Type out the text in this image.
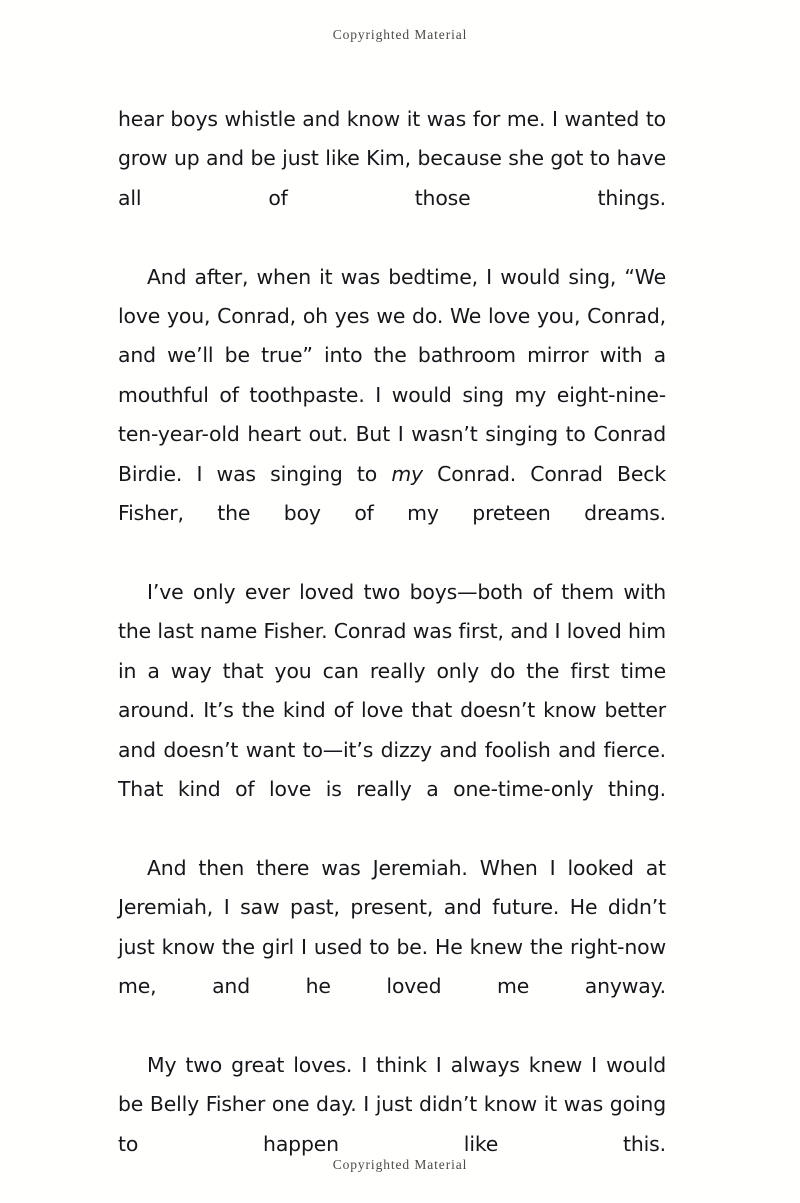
Copyrighted Material

hear boys whistle and know it was for me. I wanted to grow up and be just like Kim, because she got to have all of those things.

And after, when it was bedtime, I would sing, “We love you, Conrad, oh yes we do. We love you, Conrad, and we’ll be true” into the bathroom mirror with a mouthful of toothpaste. I would sing my eight-nine-ten-year-old heart out. But I wasn’t singing to Conrad Birdie. I was singing to my Conrad. Conrad Beck Fisher, the boy of my preteen dreams.

I’ve only ever loved two boys—both of them with the last name Fisher. Conrad was first, and I loved him in a way that you can really only do the first time around. It’s the kind of love that doesn’t know better and doesn’t want to—it’s dizzy and foolish and fierce. That kind of love is really a one-time-only thing.

And then there was Jeremiah. When I looked at Jeremiah, I saw past, present, and future. He didn’t just know the girl I used to be. He knew the right-now me, and he loved me anyway.

My two great loves. I think I always knew I would be Belly Fisher one day. I just didn’t know it was going to happen like this.

Copyrighted Material
